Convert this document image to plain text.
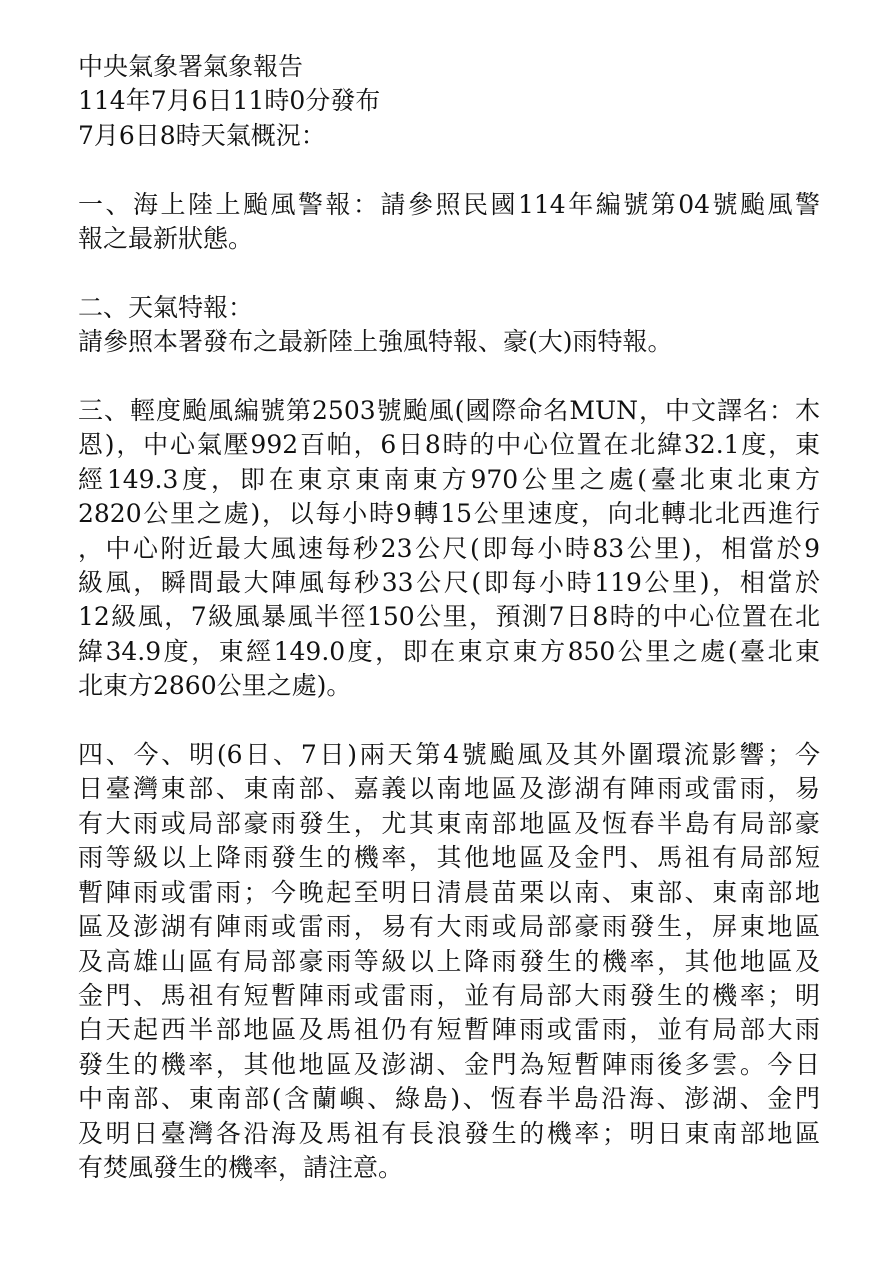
中央氣象署氣象報告
114年7月6日11時0分發布
7月6日8時天氣概況：
一、海上陸上颱風警報：請參照民國114年編號第04號颱風警
報之最新狀態。
二、天氣特報：
請參照本署發布之最新陸上強風特報、豪(大)雨特報。
三、輕度颱風編號第2503號颱風(國際命名MUN，中文譯名：木
恩)，中心氣壓992百帕，6日8時的中心位置在北緯32.1度，東
經149.3度，即在東京東南東方970公里之處(臺北東北東方
2820公里之處)，以每小時9轉15公里速度，向北轉北北西進行
，中心附近最大風速每秒23公尺(即每小時83公里)，相當於9
級風，瞬間最大陣風每秒33公尺(即每小時119公里)，相當於
12級風，7級風暴風半徑150公里，預測7日8時的中心位置在北
緯34.9度，東經149.0度，即在東京東方850公里之處(臺北東
北東方2860公里之處)。
四、今、明(6日、7日)兩天第4號颱風及其外圍環流影響；今
日臺灣東部、東南部、嘉義以南地區及澎湖有陣雨或雷雨，易
有大雨或局部豪雨發生，尤其東南部地區及恆春半島有局部豪
雨等級以上降雨發生的機率，其他地區及金門、馬祖有局部短
暫陣雨或雷雨；今晚起至明日清晨苗栗以南、東部、東南部地
區及澎湖有陣雨或雷雨，易有大雨或局部豪雨發生，屏東地區
及高雄山區有局部豪雨等級以上降雨發生的機率，其他地區及
金門、馬祖有短暫陣雨或雷雨，並有局部大雨發生的機率；明
白天起西半部地區及馬祖仍有短暫陣雨或雷雨，並有局部大雨
發生的機率，其他地區及澎湖、金門為短暫陣雨後多雲。今日
中南部、東南部(含蘭嶼、綠島)、恆春半島沿海、澎湖、金門
及明日臺灣各沿海及馬祖有長浪發生的機率；明日東南部地區
有焚風發生的機率，請注意。
